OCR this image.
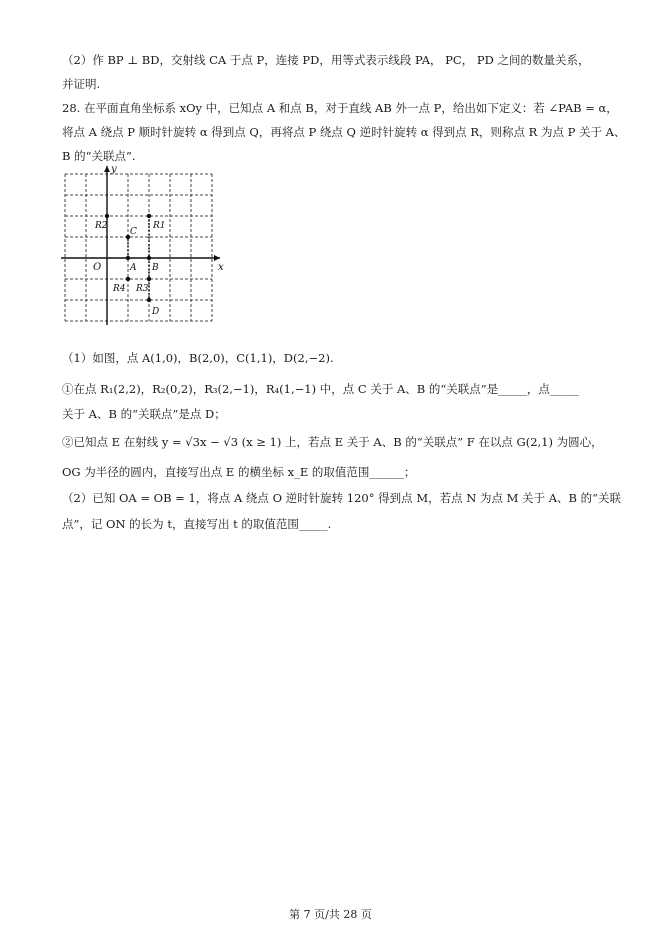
（2）作 BP ⊥ BD，交射线 CA 于点 P，连接 PD，用等式表示线段 PA， PC， PD 之间的数量关系，
并证明.
28. 在平面直角坐标系 xOy 中，已知点 A 和点 B，对于直线 AB 外一点 P，给出如下定义：若 ∠PAB = α，
将点 A 绕点 P 顺时针旋转 α 得到点 Q，再将点 P 绕点 Q 逆时针旋转 α 得到点 R，则称点 R 为点 P 关于 A、
B 的“关联点”.
x
y
O	A B
C
D
R1
R2
R3
R4
（1）如图，点 A(1,0)，B(2,0)，C(1,1)，D(2,−2).
①在点 R₁(2,2)，R₂(0,2)，R₃(2,−1)，R₄(1,−1) 中，点 C 关于 A、B 的“关联点”是_____，点_____
关于 A、B 的“关联点”是点 D；
②已知点 E 在射线 y = √3x − √3 (x ≥ 1) 上，若点 E 关于 A、B 的“关联点” F 在以点 G(2,1) 为圆心，
OG 为半径的圆内，直接写出点 E 的横坐标 x_E 的取值范围______；
（2）已知 OA = OB = 1，将点 A 绕点 O 逆时针旋转 120° 得到点 M，若点 N 为点 M 关于 A、B 的“关联
点”，记 ON 的长为 t，直接写出 t 的取值范围_____.
第 7 页/共 28 页
